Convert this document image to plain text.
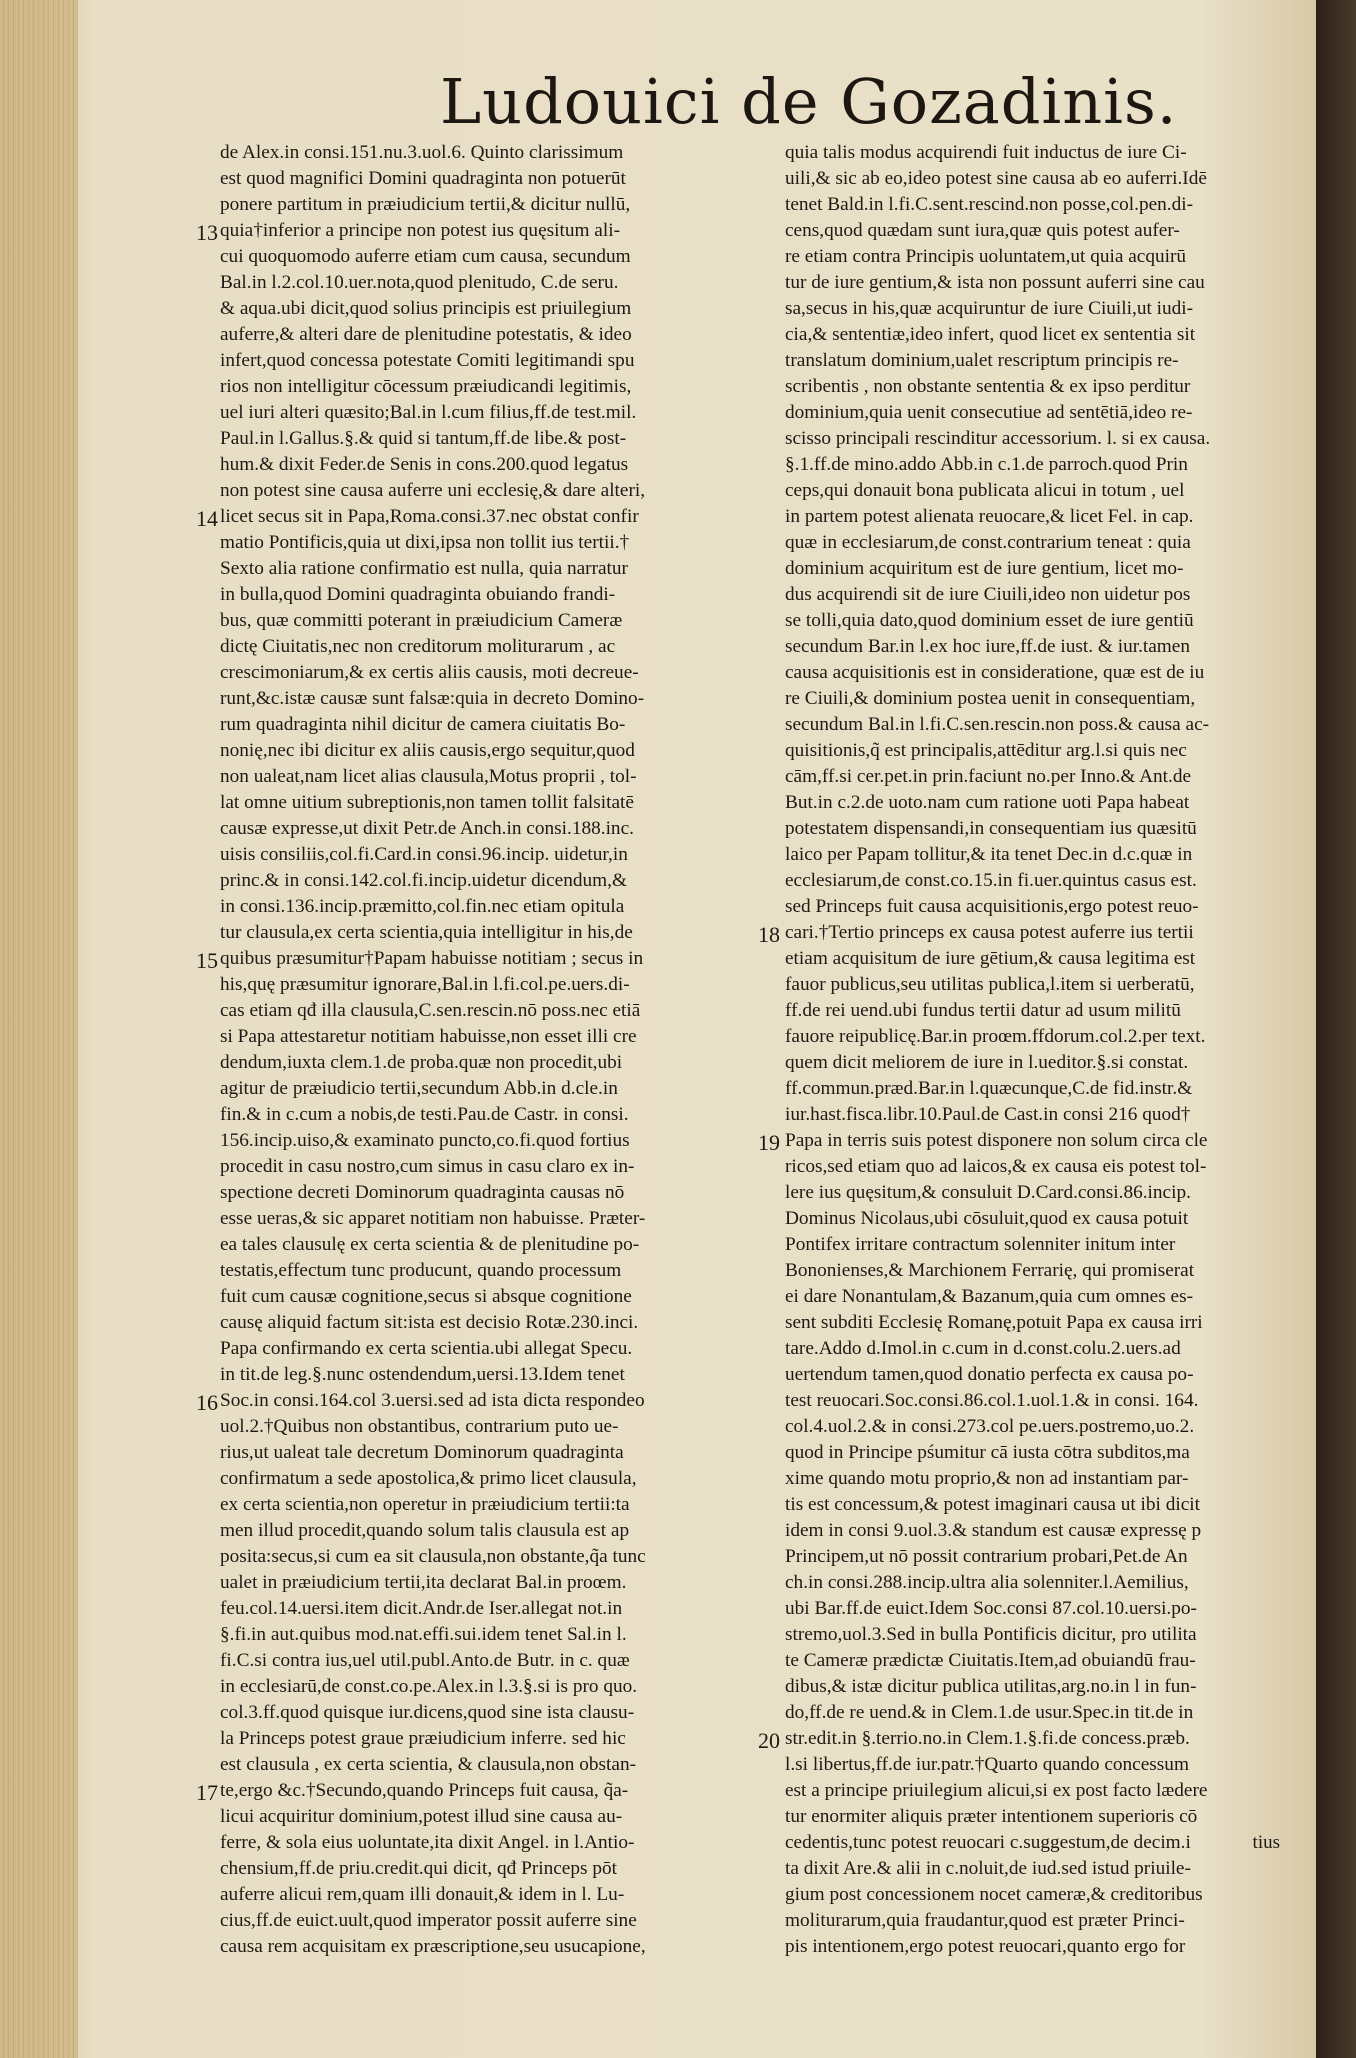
Ludouici de Gozadinis.
de Alex.in consi.151.nu.3.uol.6. Quinto clarissimum
est quod magnifici Domini quadraginta non potuerūt
ponere partitum in præiudicium tertii,& dicitur nullū,
quia†inferior a principe non potest ius quęsitum ali-
cui quoquomodo auferre etiam cum causa, secundum
Bal.in l.2.col.10.uer.nota,quod plenitudo, C.de seru.
& aqua.ubi dicit,quod solius principis est priuilegium
auferre,& alteri dare de plenitudine potestatis, & ideo
infert,quod concessa potestate Comiti legitimandi spu
rios non intelligitur cōcessum præiudicandi legitimis,
uel iuri alteri quæsito;Bal.in l.cum filius,ff.de test.mil.
Paul.in l.Gallus.§.& quid si tantum,ff.de libe.& post-
hum.& dixit Feder.de Senis in cons.200.quod legatus
non potest sine causa auferre uni ecclesię,& dare alteri,
licet secus sit in Papa,Roma.consi.37.nec obstat confir
matio Pontificis,quia ut dixi,ipsa non tollit ius tertii.†
Sexto alia ratione confirmatio est nulla, quia narratur
in bulla,quod Domini quadraginta obuiando frandi-
bus, quæ committi poterant in præiudicium Cameræ
dictę Ciuitatis,nec non creditorum moliturarum , ac
crescimoniarum,& ex certis aliis causis, moti decreue-
runt,&c.istæ causæ sunt falsæ:quia in decreto Domino-
rum quadraginta nihil dicitur de camera ciuitatis Bo-
nonię,nec ibi dicitur ex aliis causis,ergo sequitur,quod
non ualeat,nam licet alias clausula,Motus proprii , tol-
lat omne uitium subreptionis,non tamen tollit falsitatē
causæ expresse,ut dixit Petr.de Anch.in consi.188.inc.
uisis consiliis,col.fi.Card.in consi.96.incip. uidetur,in
princ.& in consi.142.col.fi.incip.uidetur dicendum,&
in consi.136.incip.præmitto,col.fin.nec etiam opitula
tur clausula,ex certa scientia,quia intelligitur in his,de
quibus præsumitur†Papam habuisse notitiam ; secus in
his,quę præsumitur ignorare,Bal.in l.fi.col.pe.uers.di-
cas etiam qđ illa clausula,C.sen.rescin.nō poss.nec etiā
si Papa attestaretur notitiam habuisse,non esset illi cre
dendum,iuxta clem.1.de proba.quæ non procedit,ubi
agitur de præiudicio tertii,secundum Abb.in d.cle.in
fin.& in c.cum a nobis,de testi.Pau.de Castr. in consi.
156.incip.uiso,& examinato puncto,co.fi.quod fortius
procedit in casu nostro,cum simus in casu claro ex in-
spectione decreti Dominorum quadraginta causas nō
esse ueras,& sic apparet notitiam non habuisse. Præter-
ea tales clausulę ex certa scientia & de plenitudine po-
testatis,effectum tunc producunt, quando processum
fuit cum causæ cognitione,secus si absque cognitione
causę aliquid factum sit:ista est decisio Rotæ.230.inci.
Papa confirmando ex certa scientia.ubi allegat Specu.
in tit.de leg.§.nunc ostendendum,uersi.13.Idem tenet
Soc.in consi.164.col 3.uersi.sed ad ista dicta respondeo
uol.2.†Quibus non obstantibus, contrarium puto ue-
rius,ut ualeat tale decretum Dominorum quadraginta
confirmatum a sede apostolica,& primo licet clausula,
ex certa scientia,non operetur in præiudicium tertii:ta
men illud procedit,quando solum talis clausula est ap
posita:secus,si cum ea sit clausula,non obstante,q̃a tunc
ualet in præiudicium tertii,ita declarat Bal.in proœm.
feu.col.14.uersi.item dicit.Andr.de Iser.allegat not.in
§.fi.in aut.quibus mod.nat.effi.sui.idem tenet Sal.in l.
fi.C.si contra ius,uel util.publ.Anto.de Butr. in c. quæ
in ecclesiarū,de const.co.pe.Alex.in l.3.§.si is pro quo.
col.3.ff.quod quisque iur.dicens,quod sine ista clausu-
la Princeps potest graue præiudicium inferre. sed hic
est clausula , ex certa scientia, & clausula,non obstan-
te,ergo &c.†Secundo,quando Princeps fuit causa, q̃a-
licui acquiritur dominium,potest illud sine causa au-
ferre, & sola eius uoluntate,ita dixit Angel. in l.Antio-
chensium,ff.de priu.credit.qui dicit, qđ Princeps pōt
auferre alicui rem,quam illi donauit,& idem in l. Lu-
cius,ff.de euict.uult,quod imperator possit auferre sine
causa rem acquisitam ex præscriptione,seu usucapione,
quia talis modus acquirendi fuit inductus de iure Ci-
uili,& sic ab eo,ideo potest sine causa ab eo auferri.Idē
tenet Bald.in l.fi.C.sent.rescind.non posse,col.pen.di-
cens,quod quædam sunt iura,quæ quis potest aufer-
re etiam contra Principis uoluntatem,ut quia acquirū
tur de iure gentium,& ista non possunt auferri sine cau
sa,secus in his,quæ acquiruntur de iure Ciuili,ut iudi-
cia,& sententiæ,ideo infert, quod licet ex sententia sit
translatum dominium,ualet rescriptum principis re-
scribentis , non obstante sententia & ex ipso perditur
dominium,quia uenit consecutiue ad sentētiā,ideo re-
scisso principali rescinditur accessorium. l. si ex causa.
§.1.ff.de mino.addo Abb.in c.1.de parroch.quod Prin
ceps,qui donauit bona publicata alicui in totum , uel
in partem potest alienata reuocare,& licet Fel. in cap.
quæ in ecclesiarum,de const.contrarium teneat : quia
dominium acquiritum est de iure gentium, licet mo-
dus acquirendi sit de iure Ciuili,ideo non uidetur pos
se tolli,quia dato,quod dominium esset de iure gentiū
secundum Bar.in l.ex hoc iure,ff.de iust. & iur.tamen
causa acquisitionis est in consideratione, quæ est de iu
re Ciuili,& dominium postea uenit in consequentiam,
secundum Bal.in l.fi.C.sen.rescin.non poss.& causa ac-
quisitionis,q̃ est principalis,attēditur arg.l.si quis nec
cām,ff.si cer.pet.in prin.faciunt no.per Inno.& Ant.de
But.in c.2.de uoto.nam cum ratione uoti Papa habeat
potestatem dispensandi,in consequentiam ius quæsitū
laico per Papam tollitur,& ita tenet Dec.in d.c.quæ in
ecclesiarum,de const.co.15.in fi.uer.quintus casus est.
sed Princeps fuit causa acquisitionis,ergo potest reuo-
cari.†Tertio princeps ex causa potest auferre ius tertii
etiam acquisitum de iure gētium,& causa legitima est
fauor publicus,seu utilitas publica,l.item si uerberatū,
ff.de rei uend.ubi fundus tertii datur ad usum militū
fauore reipublicę.Bar.in proœm.ffdorum.col.2.per text.
quem dicit meliorem de iure in l.ueditor.§.si constat.
ff.commun.præd.Bar.in l.quæcunque,C.de fid.instr.&
iur.hast.fisca.libr.10.Paul.de Cast.in consi 216 quod†
Papa in terris suis potest disponere non solum circa cle
ricos,sed etiam quo ad laicos,& ex causa eis potest tol-
lere ius quęsitum,& consuluit D.Card.consi.86.incip.
Dominus Nicolaus,ubi cōsuluit,quod ex causa potuit
Pontifex irritare contractum solenniter initum inter
Bononienses,& Marchionem Ferrarię, qui promiserat
ei dare Nonantulam,& Bazanum,quia cum omnes es-
sent subditi Ecclesię Romanę,potuit Papa ex causa irri
tare.Addo d.Imol.in c.cum in d.const.colu.2.uers.ad
uertendum tamen,quod donatio perfecta ex causa po-
test reuocari.Soc.consi.86.col.1.uol.1.& in consi. 164.
col.4.uol.2.& in consi.273.col pe.uers.postremo,uo.2.
quod in Principe pśumitur cā iusta cōtra subditos,ma
xime quando motu proprio,& non ad instantiam par-
tis est concessum,& potest imaginari causa ut ibi dicit
idem in consi 9.uol.3.& standum est causæ expressę p
Principem,ut nō possit contrarium probari,Pet.de An
ch.in consi.288.incip.ultra alia solenniter.l.Aemilius,
ubi Bar.ff.de euict.Idem Soc.consi 87.col.10.uersi.po-
stremo,uol.3.Sed in bulla Pontificis dicitur, pro utilita
te Cameræ prædictæ Ciuitatis.Item,ad obuiandū frau-
dibus,& istæ dicitur publica utilitas,arg.no.in l in fun-
do,ff.de re uend.& in Clem.1.de usur.Spec.in tit.de in
str.edit.in §.terrio.no.in Clem.1.§.fi.de concess.præb.
l.si libertus,ff.de iur.patr.†Quarto quando concessum
est a principe priuilegium alicui,si ex post facto lædere
tur enormiter aliquis præter intentionem superioris cō
cedentis,tunc potest reuocari c.suggestum,de decim.i
ta dixit Are.& alii in c.noluit,de iud.sed istud priuile-
gium post concessionem nocet cameræ,& creditoribus
moliturarum,quia fraudantur,quod est præter Princi-
pis intentionem,ergo potest reuocari,quanto ergo for
13
14
15
16
17
18
19
20
tius
